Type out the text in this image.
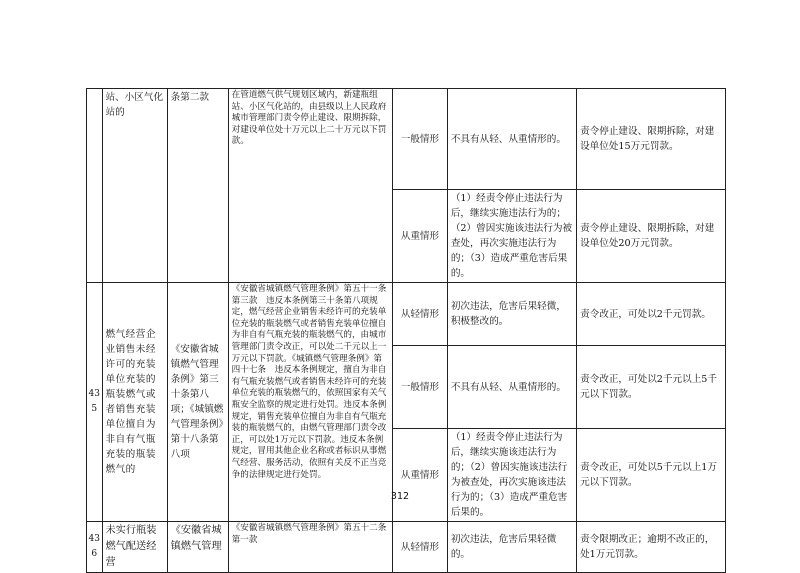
	站、小区气化站的	条第二款	在管道燃气供气规划区域内，新建瓶组站、小区气化站的，由县级以上人民政府城市管理部门责令停止建设、限期拆除，对建设单位处十万元以上二十万元以下罚款。	一般情形	不具有从轻、从重情形的。	责令停止建设、限期拆除，对建设单位处15万元罚款。
				从重情形	（1）经责令停止违法行为后，继续实施违法行为的；（2）曾因实施该违法行为被查处，再次实施违法行为的；（3）造成严重危害后果的。	责令停止建设、限期拆除，对建设单位处20万元罚款。
435	燃气经营企业销售未经许可的充装单位充装的瓶装燃气或者销售充装单位擅自为非自有气瓶充装的瓶装燃气的	《安徽省城镇燃气管理条例》第三十条第八项；《城镇燃气管理条例》第十八条第八项	《安徽省城镇燃气管理条例》第五十一条第三款　违反本条例第三十条第八项规定，燃气经营企业销售未经许可的充装单位充装的瓶装燃气或者销售充装单位擅自为非自有气瓶充装的瓶装燃气的，由城市管理部门责令改正，可以处二千元以上一万元以下罚款。《城镇燃气管理条例》第四十七条　违反本条例规定，擅自为非自有气瓶充装燃气或者销售未经许可的充装单位充装的瓶装燃气的，依照国家有关气瓶安全监察的规定进行处罚。违反本条例规定，销售充装单位擅自为非自有气瓶充装的瓶装燃气的，由燃气管理部门责令改正，可以处1万元以下罚款。违反本条例规定，冒用其他企业名称或者标识从事燃气经营、服务活动，依照有关反不正当竞争的法律规定进行处罚。	从轻情形	初次违法，危害后果轻微，积极整改的。	责令改正，可处以2千元罚款。
				一般情形	不具有从轻、从重情形的。	责令改正，可处以2千元以上5千元以下罚款。
				从重情形	（1）经责令停止违法行为后，继续实施该违法行为的；（2）曾因实施该违法行为被查处，再次实施该违法行为的；（3）造成严重危害后果的。	责令改正，可处以5千元以上1万元以下罚款。
436	未实行瓶装燃气配送经营	《安徽省城镇燃气管理	《安徽省城镇燃气管理条例》第五十二条第一款	从轻情形	初次违法，危害后果轻微的。	责令限期改正；逾期不改正的，处1万元罚款。
312
